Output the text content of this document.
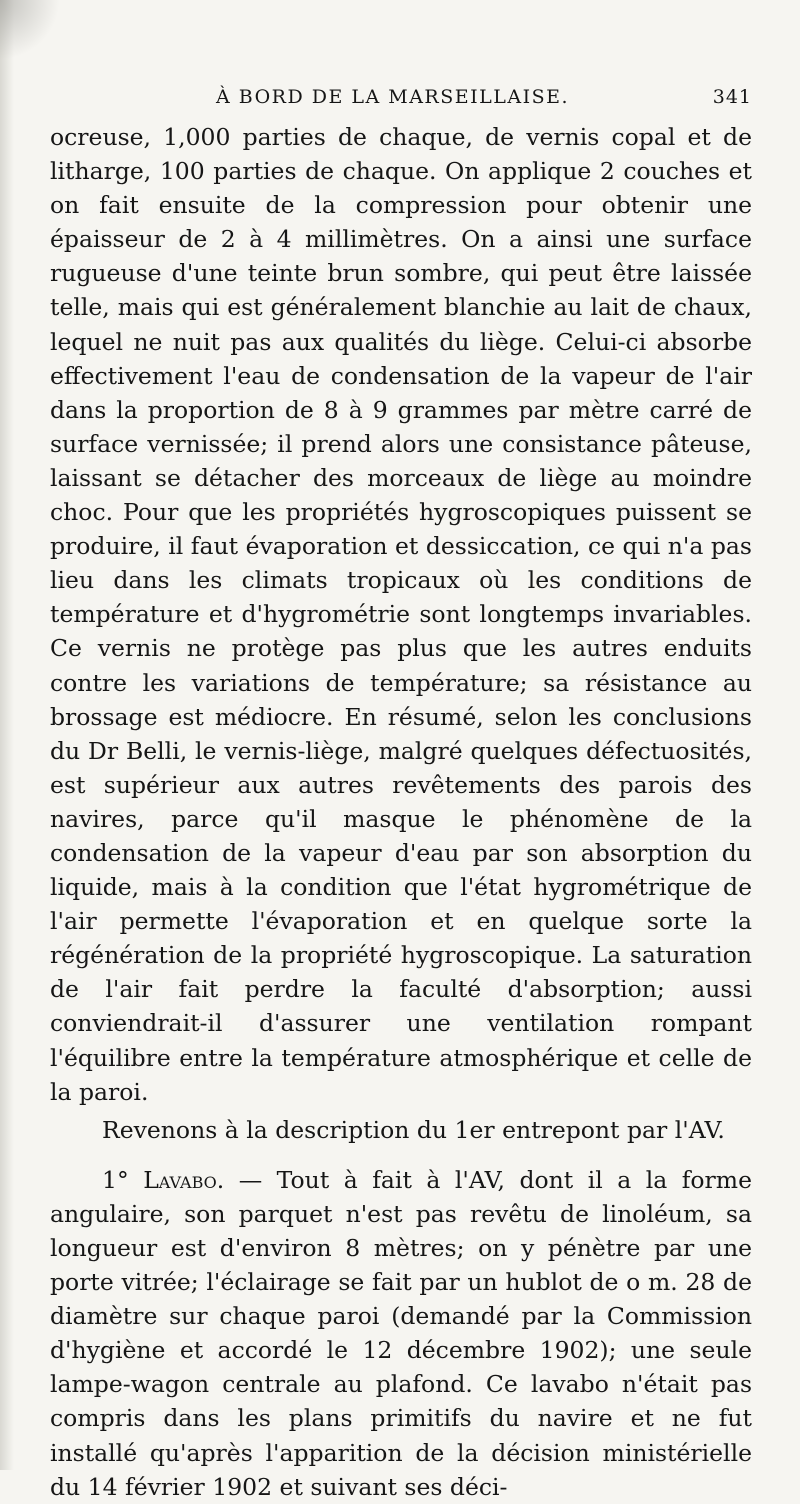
À BORD DE LA MARSEILLAISE.	341

ocreuse, 1,000 parties de chaque, de vernis copal et de litharge, 100 parties de chaque. On applique 2 couches et on fait ensuite de la compression pour obtenir une épaisseur de 2 à 4 millimètres. On a ainsi une surface rugueuse d'une teinte brun sombre, qui peut être laissée telle, mais qui est généralement blanchie au lait de chaux, lequel ne nuit pas aux qualités du liège. Celui-ci absorbe effectivement l'eau de condensation de la vapeur de l'air dans la proportion de 8 à 9 grammes par mètre carré de surface vernissée; il prend alors une consistance pâteuse, laissant se détacher des morceaux de liège au moindre choc. Pour que les propriétés hygroscopiques puissent se produire, il faut évaporation et dessiccation, ce qui n'a pas lieu dans les climats tropicaux où les conditions de température et d'hygrométrie sont longtemps invariables. Ce vernis ne protège pas plus que les autres enduits contre les variations de température; sa résistance au brossage est médiocre. En résumé, selon les conclusions du Dr Belli, le vernis-liège, malgré quelques défectuosités, est supérieur aux autres revêtements des parois des navires, parce qu'il masque le phénomène de la condensation de la vapeur d'eau par son absorption du liquide, mais à la condition que l'état hygrométrique de l'air permette l'évaporation et en quelque sorte la régénération de la propriété hygroscopique. La saturation de l'air fait perdre la faculté d'absorption; aussi conviendrait-il d'assurer une ventilation rompant l'équilibre entre la température atmosphérique et celle de la paroi.

Revenons à la description du 1er entrepont par l'AV.

1° Lavabo. — Tout à fait à l'AV, dont il a la forme angulaire, son parquet n'est pas revêtu de linoléum, sa longueur est d'environ 8 mètres; on y pénètre par une porte vitrée; l'éclairage se fait par un hublot de o m. 28 de diamètre sur chaque paroi (demandé par la Commission d'hygiène et accordé le 12 décembre 1902); une seule lampe-wagon centrale au plafond. Ce lavabo n'était pas compris dans les plans primitifs du navire et ne fut installé qu'après l'apparition de la décision ministérielle du 14 février 1902 et suivant ses déci-
